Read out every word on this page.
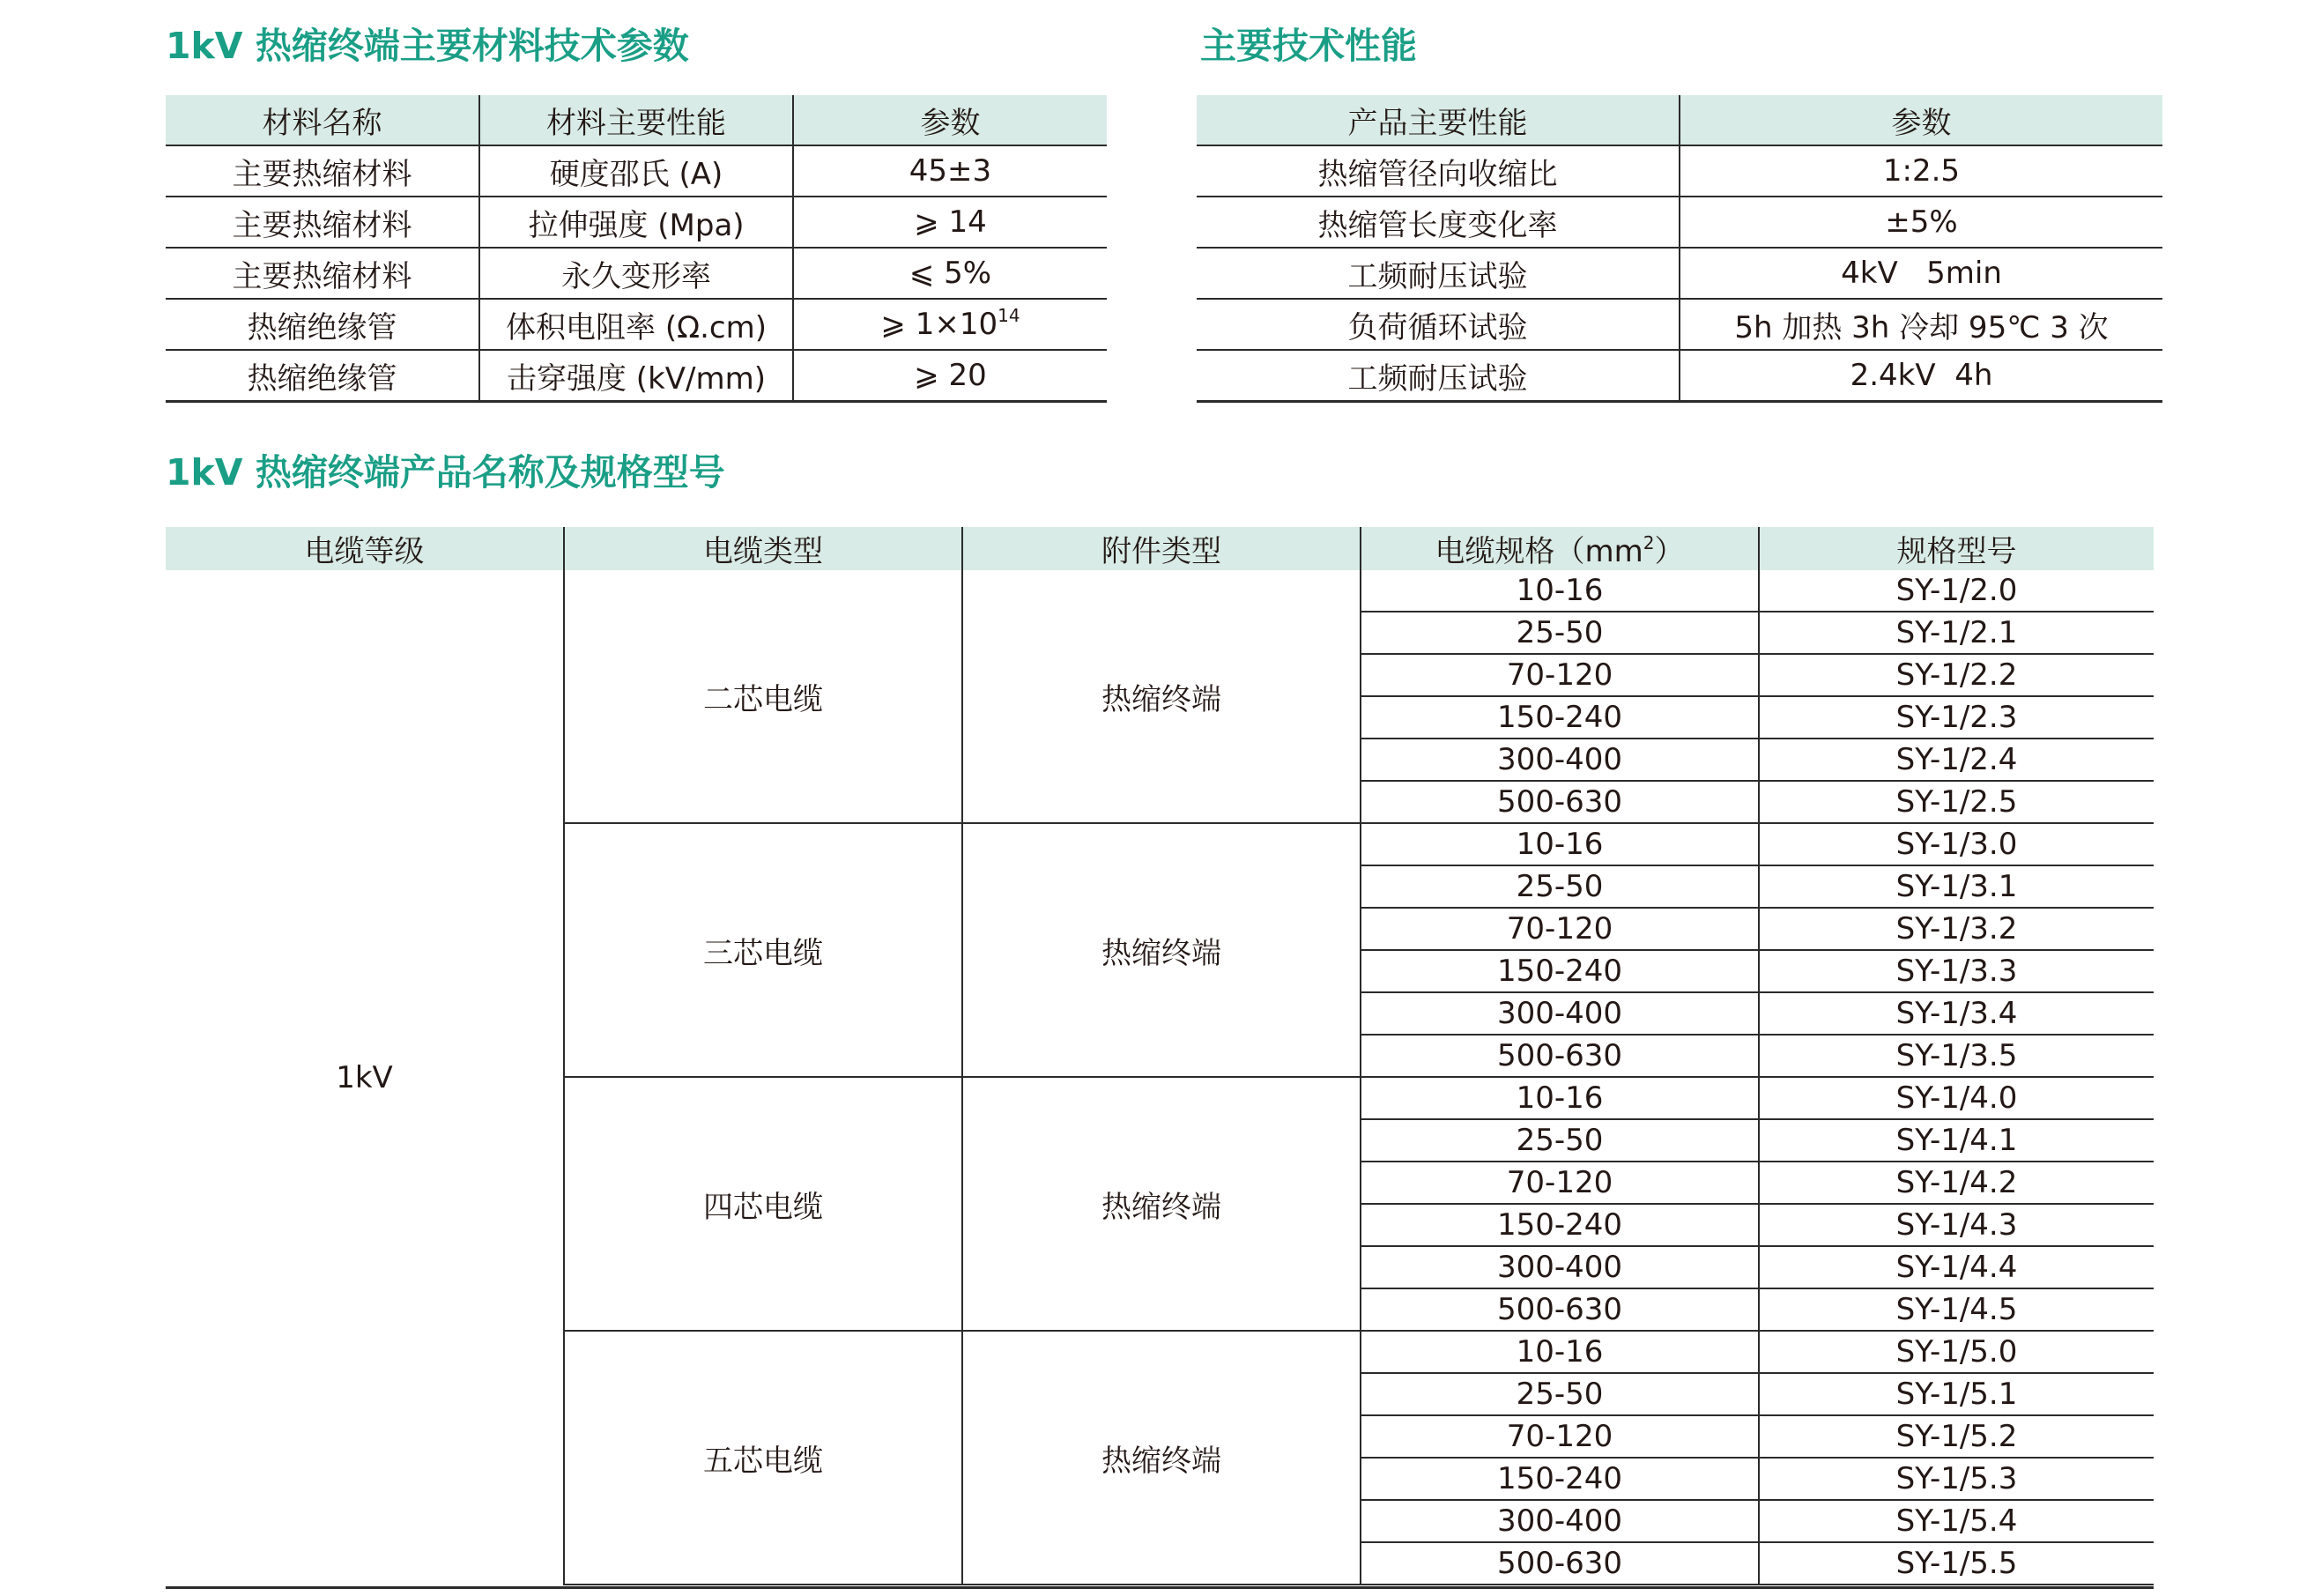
1kV 热缩终端主要材料技术参数
材料名称	材料主要性能	参数
主要热缩材料	硬度邵氏 (A)	45±3
主要热缩材料	拉伸强度 (Mpa)	⩾ 14
主要热缩材料	永久变形率	⩽ 5%
热缩绝缘管	体积电阻率 (Ω.cm)	⩾ $1\times 10^{14}$
热缩绝缘管	击穿强度 (kV/mm)	⩾ 20
主要技术性能
产品主要性能	参数
热缩管径向收缩比	1:2.5
热缩管长度变化率	±5%
工频耐压试验	4kV   5min
负荷循环试验	5h 加热 3h 冷却 95℃ 3 次
工频耐压试验	2.4kV  4h
1kV 热缩终端产品名称及规格型号
电缆等级	电缆类型	附件类型	电缆规格$(mm^2)$	规格型号
1kV	二芯电缆	热缩终端	10-16	SY-1/2.0
			25-50	SY-1/2.1
			70-120	SY-1/2.2
			150-240	SY-1/2.3
			300-400	SY-1/2.4
			500-630	SY-1/2.5
	三芯电缆	热缩终端	10-16	SY-1/3.0
			25-50	SY-1/3.1
			70-120	SY-1/3.2
			150-240	SY-1/3.3
			300-400	SY-1/3.4
			500-630	SY-1/3.5
	四芯电缆	热缩终端	10-16	SY-1/4.0
			25-50	SY-1/4.1
			70-120	SY-1/4.2
			150-240	SY-1/4.3
			300-400	SY-1/4.4
			500-630	SY-1/4.5
	五芯电缆	热缩终端	10-16	SY-1/5.0
			25-50	SY-1/5.1
			70-120	SY-1/5.2
			150-240	SY-1/5.3
			300-400	SY-1/5.4
			500-630	SY-1/5.5
